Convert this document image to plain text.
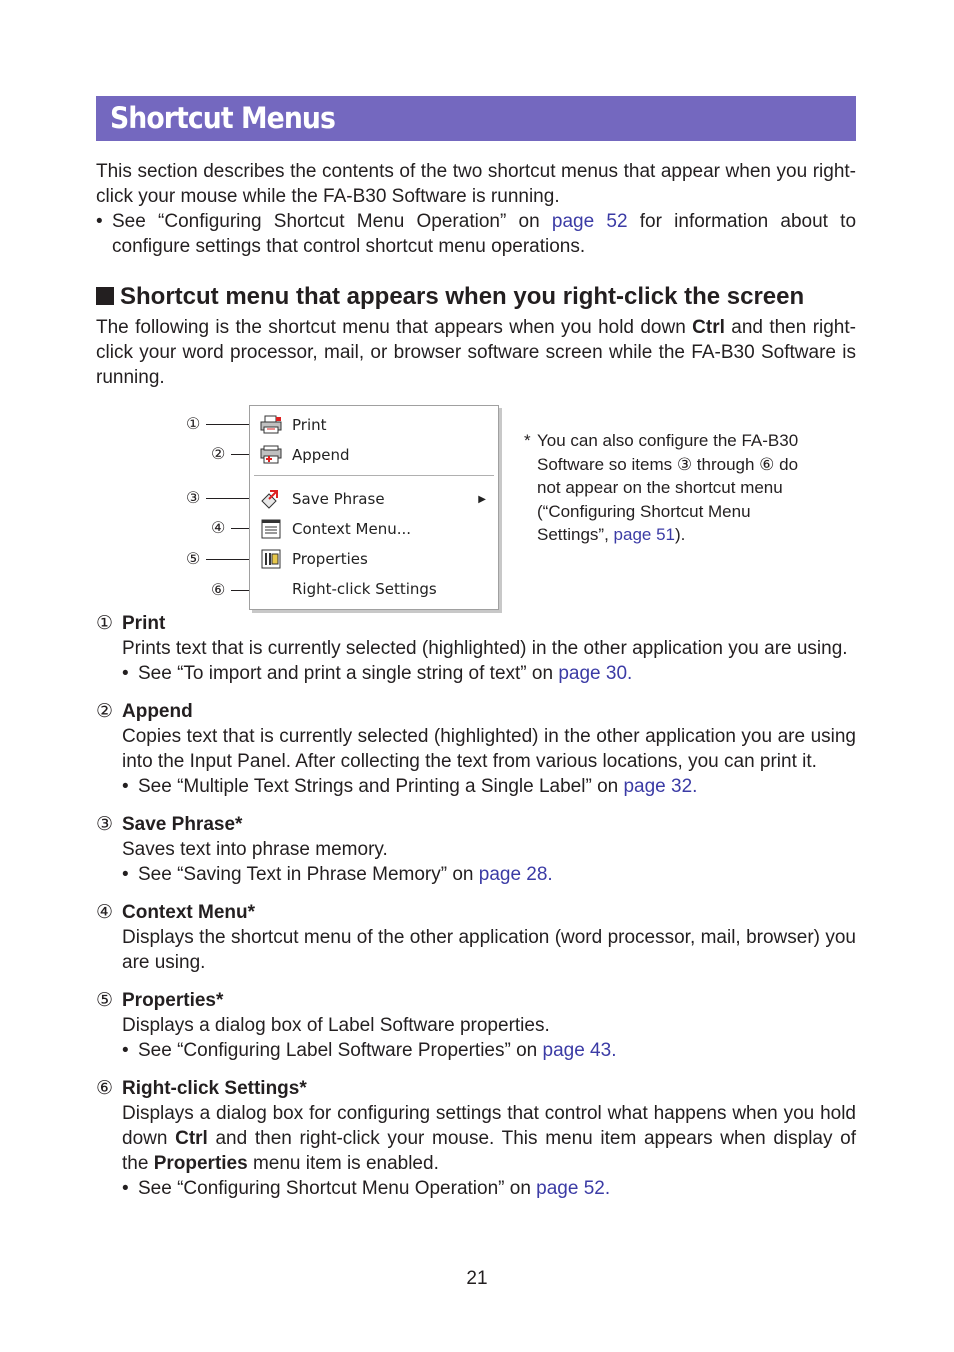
Shortcut Menus

This section describes the contents of the two shortcut menus that appear when you right-click your mouse while the FA-B30 Software is running.

• See “Configuring Shortcut Menu Operation” on page 52 for information about to configure settings that control shortcut menu operations.
Shortcut menu that appears when you right-click the screen

The following is the shortcut menu that appears when you hold down Ctrl and then right-click your word processor, mail, or browser software screen while the FA-B30 Software is running.

①
②
③
④
⑤
⑥
Print
Append
Save Phrase	▶
Context Menu...
Properties
Right-click Settings
* You can also configure the FA-B30 Software so items ③ through ⑥ do not appear on the shortcut menu (“Configuring Shortcut Menu Settings”, page 51).
① Print

Prints text that is currently selected (highlighted) in the other application you are using.

• See “To import and print a single string of text” on page 30.
② Append

Copies text that is currently selected (highlighted) in the other application you are using into the Input Panel. After collecting the text from various locations, you can print it.

• See “Multiple Text Strings and Printing a Single Label” on page 32.
③ Save Phrase*

Saves text into phrase memory.

• See “Saving Text in Phrase Memory” on page 28.
④ Context Menu*

Displays the shortcut menu of the other application (word processor, mail, browser) you are using.

⑤ Properties*

Displays a dialog box of Label Software properties.

• See “Configuring Label Software Properties” on page 43.
⑥ Right-click Settings*

Displays a dialog box for configuring settings that control what happens when you hold down Ctrl and then right-click your mouse. This menu item appears when display of the Properties menu item is enabled.

• See “Configuring Shortcut Menu Operation” on page 52.
21
